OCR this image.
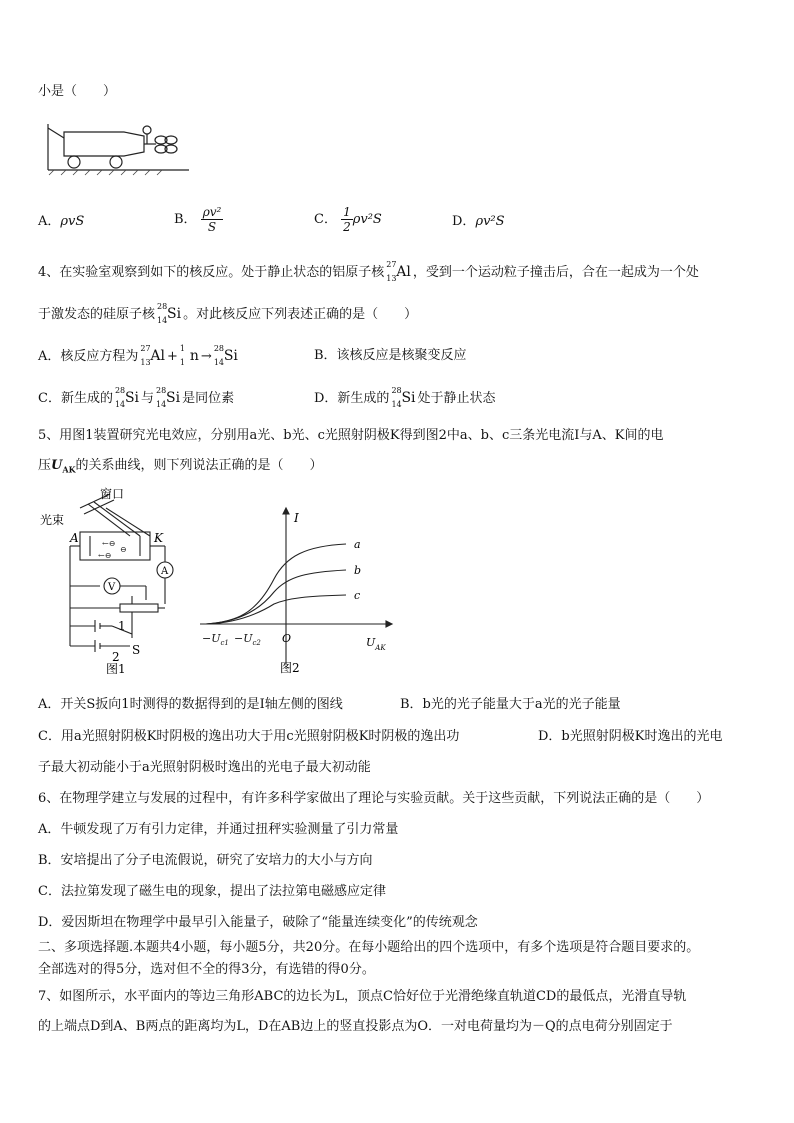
小是（　　）
A．ρvS	B． $\frac{\text{ρv²}}{S}$	C． $\frac{1}{2} \rho v^2S$	D．ρv²S
4、在实验室观察到如下的核反应。处于静止状态的铝原子核
27
13 Al ，受到一个运动粒子撞击后，合在一起成为一个处
于激发态的硅原子核
28
14 Si 。对此核反应下列表述正确的是（　　）
A．核反应方程为
27
13 Al +
1
1 n →
28
14 Si	B．该核反应是核聚变反应
C．新生成的
28
14 Si 与
28
14 Si 是同位素	D．新生成的
28
14 Si 处于静止状态
5、用图1装置研究光电效应，分别用a光、b光、c光照射阴极K得到图2中a、b、c三条光电流I与A、K间的电
压$U_{AK}$的关系曲线，则下列说法正确的是（　　）
←⊖
←⊖
⊖
窗口
光束
A	K
V
A
1
2 S
图1
I
a
b
c
$-U_{c1} -U_{c2}$ O	$U_{AK}$
图2
A．开关S扳向1时测得的数据得到的是I轴左侧的图线	B．b光的光子能量大于a光的光子能量
C．用a光照射阴极K时阴极的逸出功大于用c光照射阴极K时阴极的逸出功	D．b光照射阴极K时逸出的光电
子最大初动能小于a光照射阴极时逸出的光电子最大初动能
6、在物理学建立与发展的过程中，有许多科学家做出了理论与实验贡献。关于这些贡献，下列说法正确的是（　　）
A．牛顿发现了万有引力定律，并通过扭秤实验测量了引力常量
B．安培提出了分子电流假说，研究了安培力的大小与方向
C．法拉第发现了磁生电的现象，提出了法拉第电磁感应定律
D．爱因斯坦在物理学中最早引入能量子，破除了“能量连续变化”的传统观念
二、多项选择题.本题共4小题，每小题5分，共20分。在每小题给出的四个选项中，有多个选项是符合题目要求的。
全部选对的得5分，选对但不全的得3分，有选错的得0分。
7、如图所示，水平面内的等边三角形ABC的边长为L，顶点C恰好位于光滑绝缘直轨道CD的最低点，光滑直导轨
的上端点D到A、B两点的距离均为L，D在AB边上的竖直投影点为O．一对电荷量均为－Q的点电荷分别固定于
